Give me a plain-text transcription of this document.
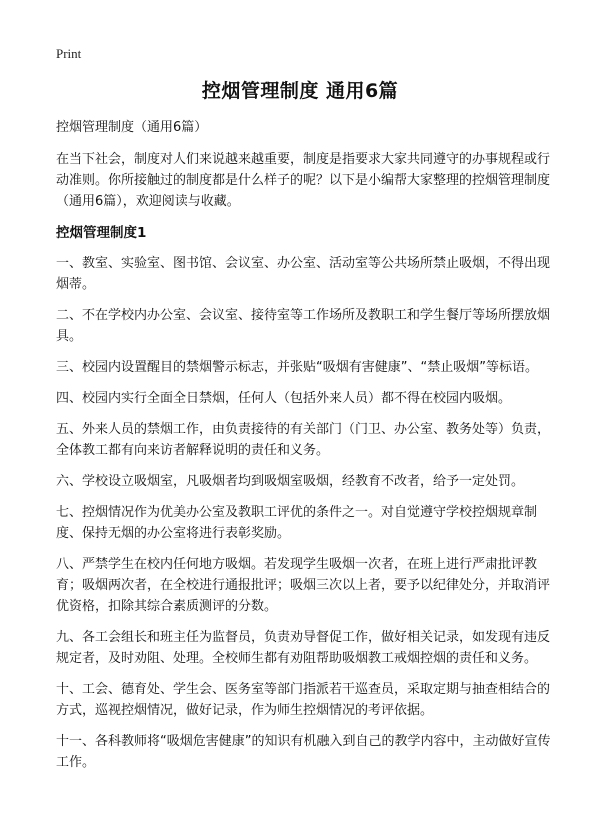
Print
控烟管理制度 通用6篇

控烟管理制度（通用6篇）

在当下社会，制度对人们来说越来越重要，制度是指要求大家共同遵守的办事规程或行动准则。你所接触过的制度都是什么样子的呢？以下是小编帮大家整理的控烟管理制度（通用6篇），欢迎阅读与收藏。

控烟管理制度1

一、教室、实验室、图书馆、会议室、办公室、活动室等公共场所禁止吸烟，不得出现烟蒂。

二、不在学校内办公室、会议室、接待室等工作场所及教职工和学生餐厅等场所摆放烟具。

三、校园内设置醒目的禁烟警示标志，并张贴“吸烟有害健康”、“禁止吸烟”等标语。

四、校园内实行全面全日禁烟，任何人（包括外来人员）都不得在校园内吸烟。

五、外来人员的禁烟工作，由负责接待的有关部门（门卫、办公室、教务处等）负责，全体教工都有向来访者解释说明的责任和义务。

六、学校设立吸烟室，凡吸烟者均到吸烟室吸烟，经教育不改者，给予一定处罚。

七、控烟情况作为优美办公室及教职工评优的条件之一。对自觉遵守学校控烟规章制度、保持无烟的办公室将进行表彰奖励。

八、严禁学生在校内任何地方吸烟。若发现学生吸烟一次者，在班上进行严肃批评教育；吸烟两次者，在全校进行通报批评；吸烟三次以上者，要予以纪律处分，并取消评优资格，扣除其综合素质测评的分数。

九、各工会组长和班主任为监督员，负责劝导督促工作，做好相关记录，如发现有违反规定者，及时劝阻、处理。全校师生都有劝阻帮助吸烟教工戒烟控烟的责任和义务。

十、工会、德育处、学生会、医务室等部门指派若干巡查员，采取定期与抽查相结合的 方式，巡视控烟情况，做好记录，作为师生控烟情况的考评依据。

十一、各科教师将“吸烟危害健康”的知识有机融入到自己的教学内容中，主动做好宣传工作。
